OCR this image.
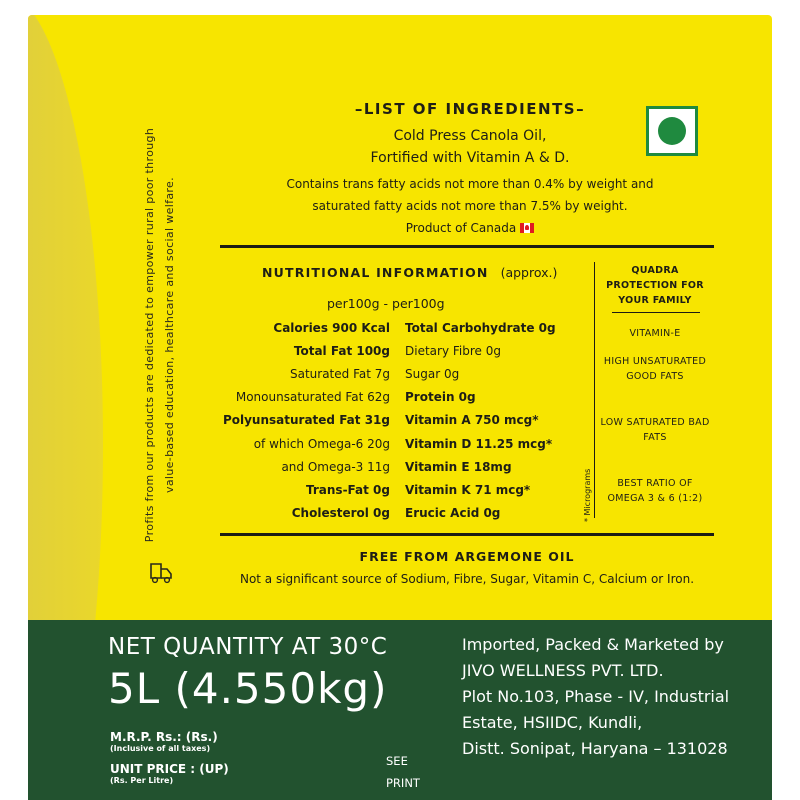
Profits from our products are dedicated to empower rural poor through value-based education, healthcare and social welfare.
–LIST OF INGREDIENTS–
Cold Press Canola Oil,
Fortified with Vitamin A & D.
Contains trans fatty acids not more than 0.4% by weight and
saturated fatty acids not more than 7.5% by weight.
Product of Canada
NUTRITIONAL INFORMATION (approx.)
per100g - per100g
Calories 900 Kcal
Total Fat 100g
Saturated Fat 7g
Monounsaturated Fat 62g
Polyunsaturated Fat 31g
of which Omega-6 20g
and Omega-3 11g
Trans-Fat 0g
Cholesterol 0g
Total Carbohydrate 0g
Dietary Fibre 0g
Sugar 0g
Protein 0g
Vitamin A 750 mcg*
Vitamin D 11.25 mcg*
Vitamin E 18mg
Vitamin K 71 mcg*
Erucic Acid 0g	* Micrograms
QUADRA PROTECTION FOR YOUR FAMILY
VITAMIN-E
HIGH UNSATURATED GOOD FATS
LOW SATURATED BAD FATS
BEST RATIO OF OMEGA 3 & 6 (1:2)
FREE FROM ARGEMONE OIL
Not a significant source of Sodium, Fibre, Sugar, Vitamin C, Calcium or Iron.
NET QUANTITY AT 30°C
5L (4.550kg)
M.R.P. Rs.: (Rs.)
(Inclusive of all taxes)
UNIT PRICE : (UP)
(Rs. Per Litre)
SEE PRINT
Imported, Packed & Marketed by
JIVO WELLNESS PVT. LTD.
Plot No.103, Phase - IV, Industrial
Estate, HSIIDC, Kundli,
Distt. Sonipat, Haryana – 131028
